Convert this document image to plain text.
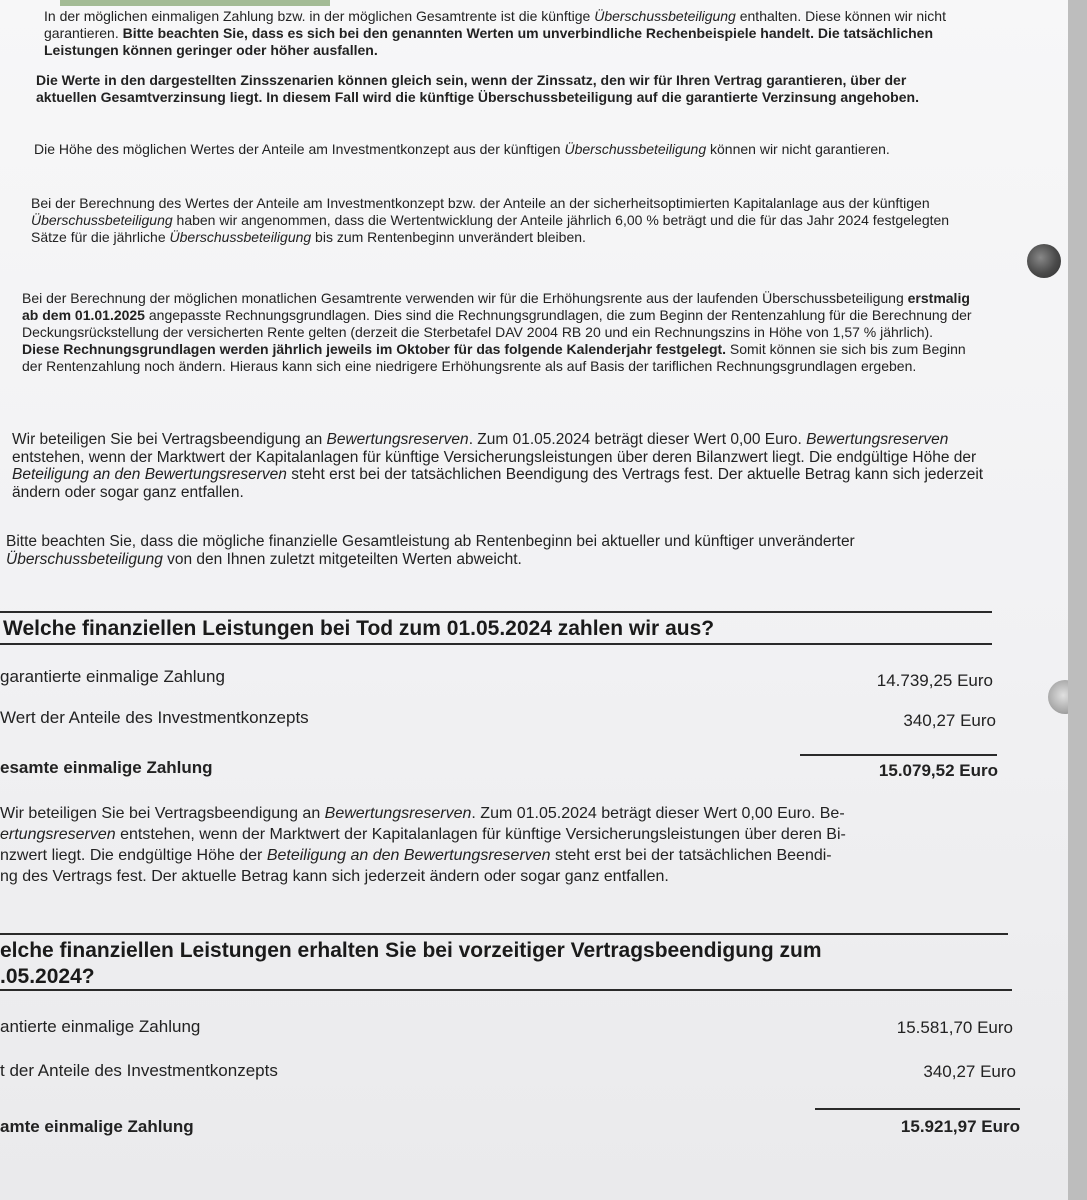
In der möglichen einmaligen Zahlung bzw. in der möglichen Gesamtrente ist die künftige Überschussbeteiligung enthalten. Diese können wir nicht garantieren. Bitte beachten Sie, dass es sich bei den genannten Werten um unverbindliche Rechenbeispiele handelt. Die tatsächlichen Leistungen können geringer oder höher ausfallen.

Die Werte in den dargestellten Zinsszenarien können gleich sein, wenn der Zinssatz, den wir für Ihren Vertrag garantieren, über der aktuellen Gesamtverzinsung liegt. In diesem Fall wird die künftige Überschussbeteiligung auf die garantierte Verzinsung angehoben.

Die Höhe des möglichen Wertes der Anteile am Investmentkonzept aus der künftigen Überschussbeteiligung können wir nicht garantieren.

Bei der Berechnung des Wertes der Anteile am Investmentkonzept bzw. der Anteile an der sicherheitsoptimierten Kapitalanlage aus der künftigen Überschussbeteiligung haben wir angenommen, dass die Wertentwicklung der Anteile jährlich 6,00 % beträgt und die für das Jahr 2024 festgelegten Sätze für die jährliche Überschussbeteiligung bis zum Rentenbeginn unverändert bleiben.

Bei der Berechnung der möglichen monatlichen Gesamtrente verwenden wir für die Erhöhungsrente aus der laufenden Überschussbeteiligung erstmalig ab dem 01.01.2025 angepasste Rechnungsgrundlagen. Dies sind die Rechnungsgrundlagen, die zum Beginn der Rentenzahlung für die Berechnung der Deckungsrückstellung der versicherten Rente gelten (derzeit die Sterbetafel DAV 2004 RB 20 und ein Rechnungszins in Höhe von 1,57 % jährlich). Diese Rechnungsgrundlagen werden jährlich jeweils im Oktober für das folgende Kalenderjahr festgelegt. Somit können sie sich bis zum Beginn der Rentenzahlung noch ändern. Hieraus kann sich eine niedrigere Erhöhungsrente als auf Basis der tariflichen Rechnungsgrundlagen ergeben.

Wir beteiligen Sie bei Vertragsbeendigung an Bewertungsreserven. Zum 01.05.2024 beträgt dieser Wert 0,00 Euro. Bewertungsreserven entstehen, wenn der Marktwert der Kapitalanlagen für künftige Versicherungsleistungen über deren Bilanzwert liegt. Die endgültige Höhe der Beteiligung an den Bewertungsreserven steht erst bei der tatsächlichen Beendigung des Vertrags fest. Der aktuelle Betrag kann sich jederzeit ändern oder sogar ganz entfallen.

Bitte beachten Sie, dass die mögliche finanzielle Gesamtleistung ab Rentenbeginn bei aktueller und künftiger unveränderter Überschussbeteiligung von den Ihnen zuletzt mitgeteilten Werten abweicht.

Welche finanziellen Leistungen bei Tod zum 01.05.2024 zahlen wir aus?
garantierte einmalige Zahlung	14.739,25 Euro
Wert der Anteile des Investmentkonzepts	340,27 Euro
esamte einmalige Zahlung	15.079,52 Euro

Wir beteiligen Sie bei Vertragsbeendigung an Bewertungsreserven. Zum 01.05.2024 beträgt dieser Wert 0,00 Euro. Be-
ertungsreserven entstehen, wenn der Marktwert der Kapitalanlagen für künftige Versicherungsleistungen über deren Bi-
nzwert liegt. Die endgültige Höhe der Beteiligung an den Bewertungsreserven steht erst bei der tatsächlichen Beendi-
ng des Vertrags fest. Der aktuelle Betrag kann sich jederzeit ändern oder sogar ganz entfallen.

elche finanziellen Leistungen erhalten Sie bei vorzeitiger Vertragsbeendigung zum
.05.2024?
antierte einmalige Zahlung	15.581,70 Euro
t der Anteile des Investmentkonzepts	340,27 Euro
amte einmalige Zahlung	15.921,97 Euro
